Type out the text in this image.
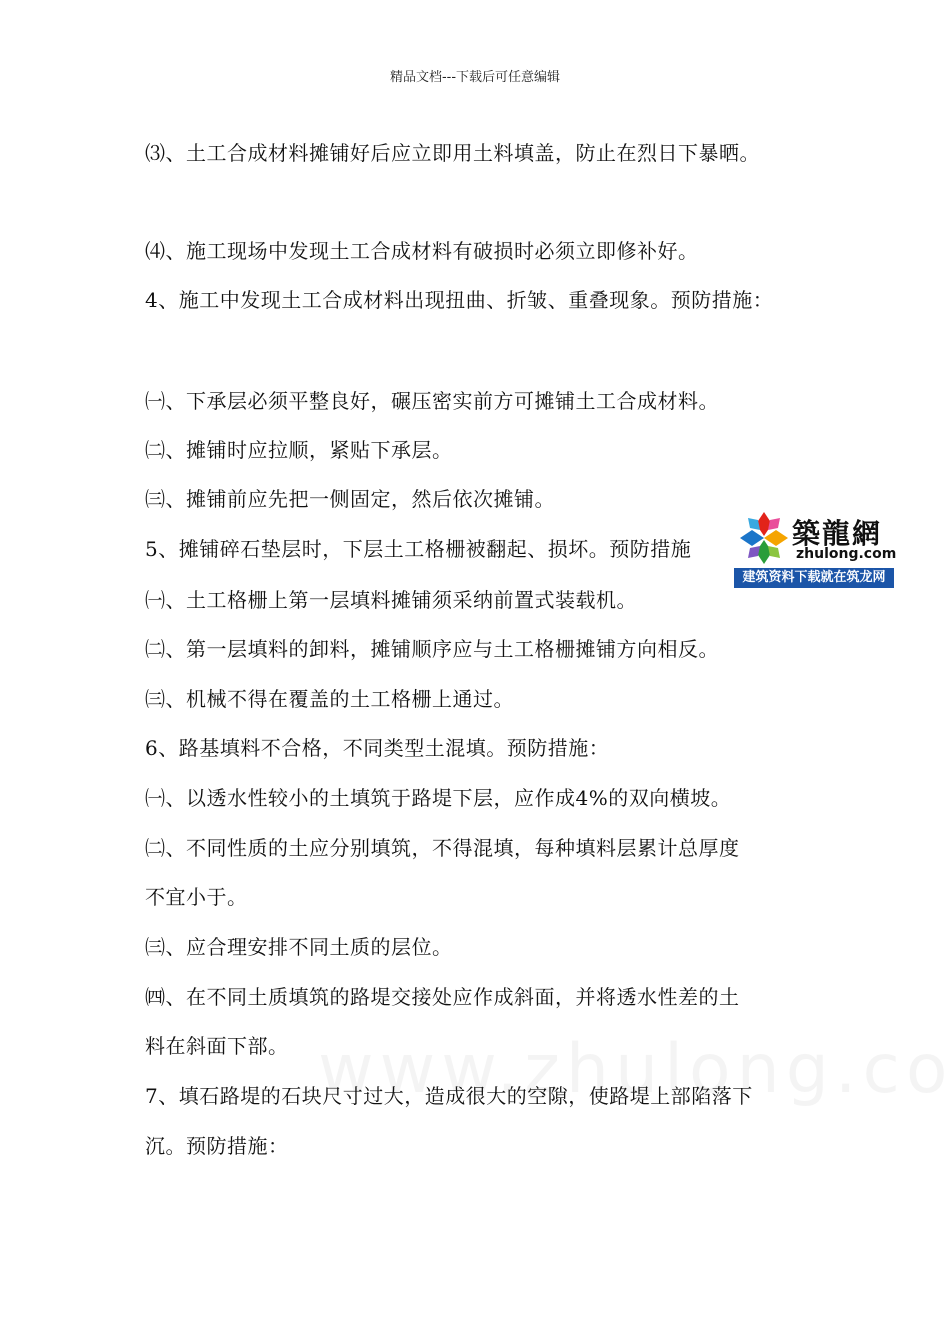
精品文档---下载后可任意编辑
⑶、土工合成材料摊铺好后应立即用土料填盖，防止在烈日下暴晒。
⑷、施工现场中发现土工合成材料有破损时必须立即修补好。
4、施工中发现土工合成材料出现扭曲、折皱、重叠现象。预防措施：
㈠、下承层必须平整良好，碾压密实前方可摊铺土工合成材料。
㈡、摊铺时应拉顺，紧贴下承层。
㈢、摊铺前应先把一侧固定，然后依次摊铺。
5、摊铺碎石垫层时，下层土工格栅被翻起、损坏。预防措施
㈠、土工格栅上第一层填料摊铺须采纳前置式装载机。
㈡、第一层填料的卸料，摊铺顺序应与土工格栅摊铺方向相反。
㈢、机械不得在覆盖的土工格栅上通过。
6、路基填料不合格，不同类型土混填。预防措施：
㈠、以透水性较小的土填筑于路堤下层，应作成4%的双向横坡。
㈡、不同性质的土应分别填筑，不得混填，每种填料层累计总厚度
不宜小于。
㈢、应合理安排不同土质的层位。
㈣、在不同土质填筑的路堤交接处应作成斜面，并将透水性差的土
料在斜面下部。
7、填石路堤的石块尺寸过大，造成很大的空隙，使路堤上部陷落下
沉。预防措施：
築龍網
zhulong.com
建筑资料下载就在筑龙网
